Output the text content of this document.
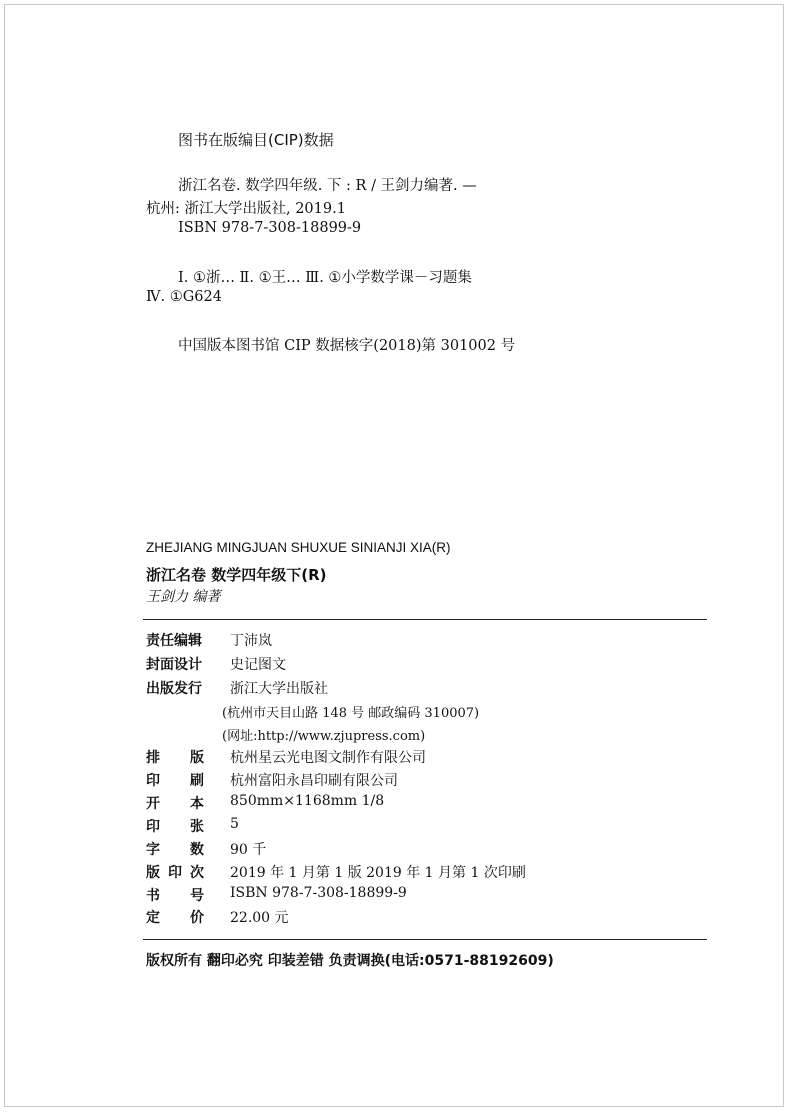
图书在版编目(CIP)数据
浙江名卷. 数学四年级. 下 : R / 王剑力编著. —
杭州: 浙江大学出版社, 2019.1
ISBN 978-7-308-18899-9
Ⅰ. ①浙… Ⅱ. ①王… Ⅲ. ①小学数学课－习题集
Ⅳ. ①G624
中国版本图书馆 CIP 数据核字(2018)第 301002 号
ZHEJIANG MINGJUAN SHUXUE SINIANJI XIA(R)
浙江名卷 数学四年级下(R)
王剑力 编著
责任编辑 丁沛岚
封面设计 史记图文
出版发行 浙江大学出版社
(杭州市天目山路 148 号 邮政编码 310007)
(网址:http://www.zjupress.com)
排 版 杭州星云光电图文制作有限公司
印 刷 杭州富阳永昌印刷有限公司
开 本 850mm×1168mm 1/8
印 张 5
字 数 90 千
版 印 次 2019 年 1 月第 1 版 2019 年 1 月第 1 次印刷
书 号 ISBN 978-7-308-18899-9
定 价 22.00 元
版权所有 翻印必究 印装差错 负责调换(电话:0571-88192609)
